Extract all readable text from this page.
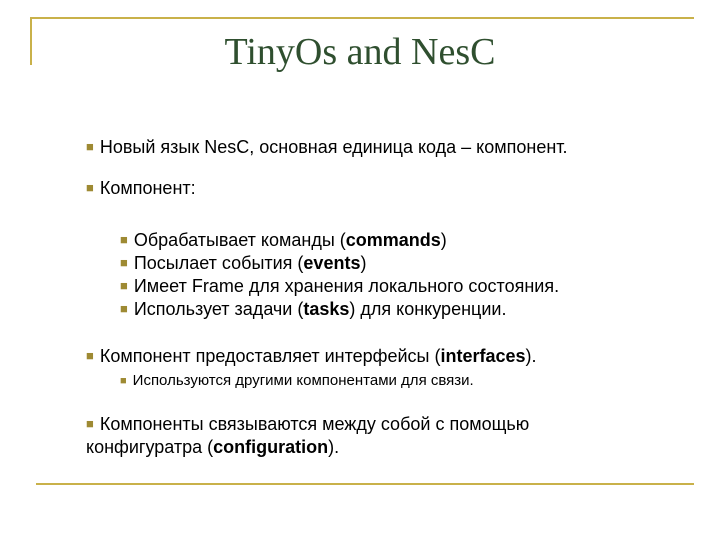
TinyOs and NesC
■ Новый язык NesC, основная единица кода – компонент.
■ Компонент:
■ Обрабатывает команды (commands)
■ Посылает события (events)
■ Имеет Frame для хранения локального состояния.
■ Использует задачи (tasks) для конкуренции.
■ Компонент предоставляет интерфейсы (interfaces).
■ Используются другими компонентами для связи.
■ Компоненты связываются между собой с помощью
конфигуратра (configuration).
